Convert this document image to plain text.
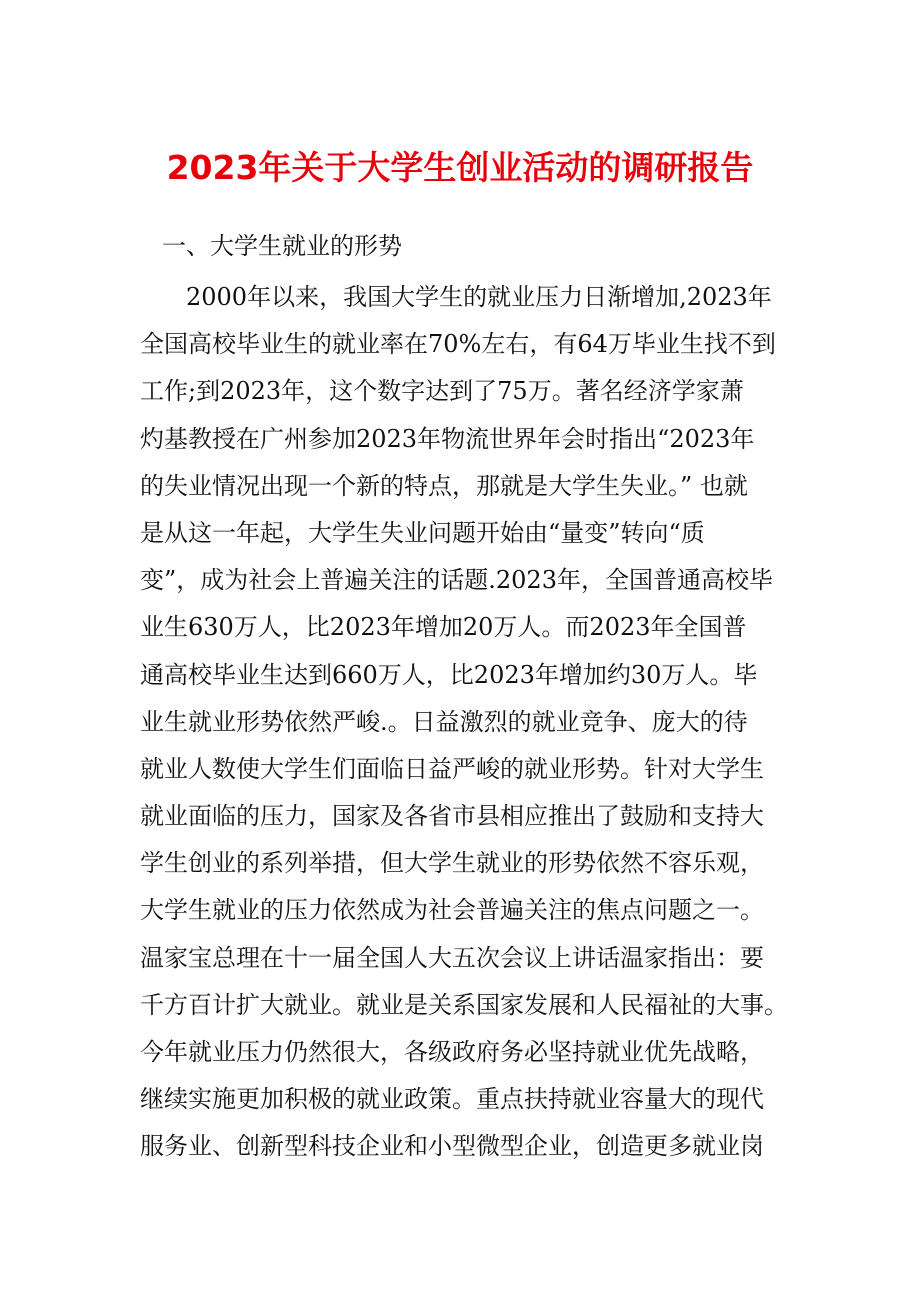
2023年关于大学生创业活动的调研报告
一、大学生就业的形势
2000年以来，我国大学生的就业压力日渐增加,2023年
全国高校毕业生的就业率在70%左右，有64万毕业生找不到
工作;到2023年，这个数字达到了75万。著名经济学家萧
灼基教授在广州参加2023年物流世界年会时指出“2023年
的失业情况出现一个新的特点，那就是大学生失业。” 也就
是从这一年起，大学生失业问题开始由“量变”转向“质
变”，成为社会上普遍关注的话题.2023年，全国普通高校毕
业生630万人，比2023年增加20万人。而2023年全国普
通高校毕业生达到660万人，比2023年增加约30万人。毕
业生就业形势依然严峻.。日益激烈的就业竞争、庞大的待
就业人数使大学生们面临日益严峻的就业形势。针对大学生
就业面临的压力，国家及各省市县相应推出了鼓励和支持大
学生创业的系列举措，但大学生就业的形势依然不容乐观，
大学生就业的压力依然成为社会普遍关注的焦点问题之一。
温家宝总理在十一届全国人大五次会议上讲话温家指出：要
千方百计扩大就业。就业是关系国家发展和人民福祉的大事。
今年就业压力仍然很大，各级政府务必坚持就业优先战略，
继续实施更加积极的就业政策。重点扶持就业容量大的现代
服务业、创新型科技企业和小型微型企业，创造更多就业岗
